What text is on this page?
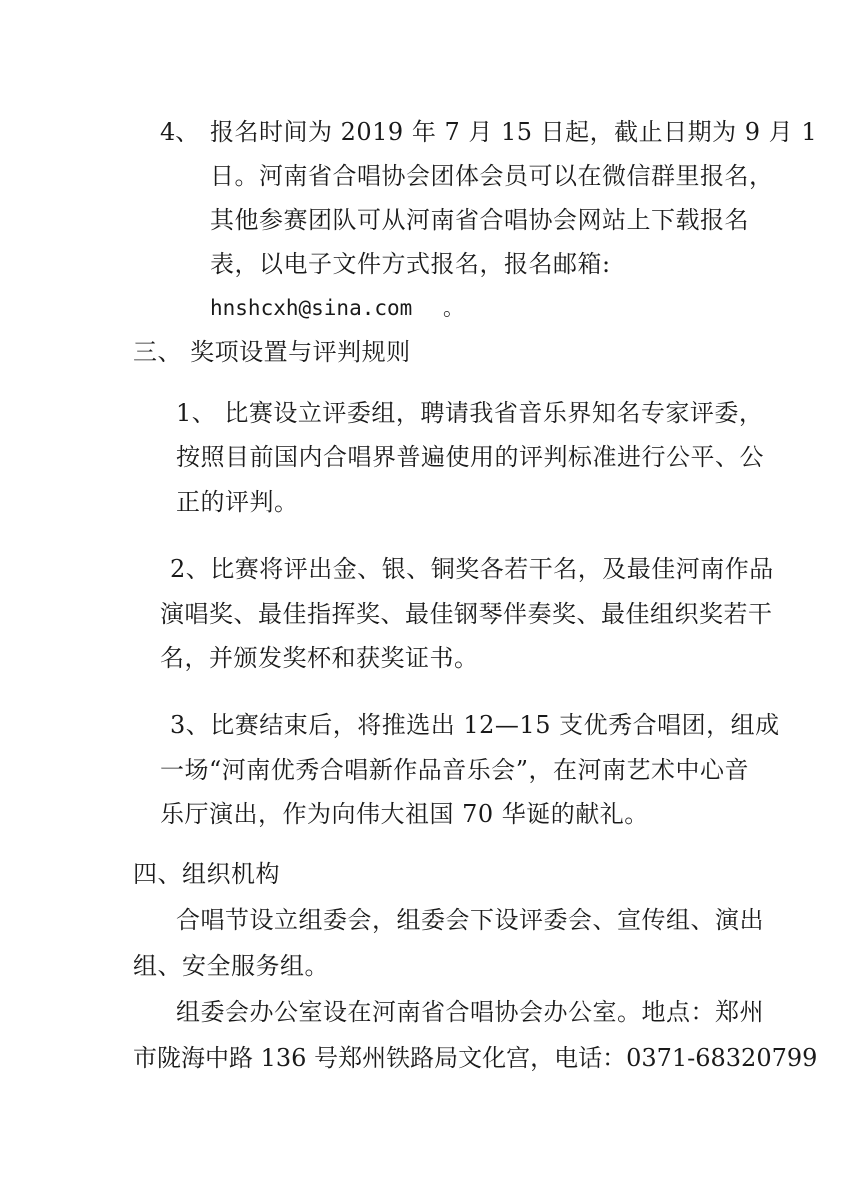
4、 报名时间为 2019 年 7 月 15 日起，截止日期为 9 月 1
日。河南省合唱协会团体会员可以在微信群里报名，
其他参赛团队可从河南省合唱协会网站上下载报名
表，以电子文件方式报名，报名邮箱:
hnshcxh@sina.com 。
三、 奖项设置与评判规则
1、 比赛设立评委组，聘请我省音乐界知名专家评委，
按照目前国内合唱界普遍使用的评判标准进行公平、公
正的评判。
2、比赛将评出金、银、铜奖各若干名，及最佳河南作品
演唱奖、最佳指挥奖、最佳钢琴伴奏奖、最佳组织奖若干
名，并颁发奖杯和获奖证书。
3、比赛结束后，将推选出 12—15 支优秀合唱团，组成
一场“河南优秀合唱新作品音乐会”，在河南艺术中心音
乐厅演出，作为向伟大祖国 70 华诞的献礼。
四、组织机构
合唱节设立组委会，组委会下设评委会、宣传组、演出
组、安全服务组。
组委会办公室设在河南省合唱协会办公室。地点：郑州
市陇海中路 136 号郑州铁路局文化宫，电话：0371-68320799
